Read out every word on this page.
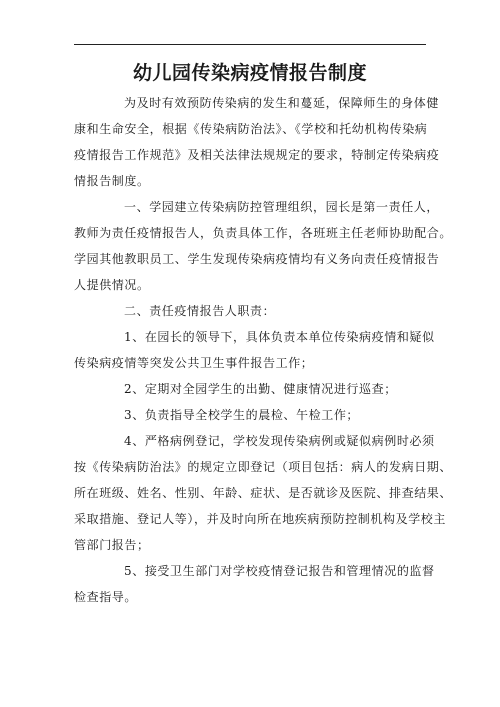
幼儿园传染病疫情报告制度
为及时有效预防传染病的发生和蔓延，保障师生的身体健
康和生命安全，根据《传染病防治法》、《学校和托幼机构传染病
疫情报告工作规范》及相关法律法规规定的要求，特制定传染病疫
情报告制度。
一、学园建立传染病防控管理组织，园长是第一责任人，
教师为责任疫情报告人，负责具体工作，各班班主任老师协助配合。
学园其他教职员工、学生发现传染病疫情均有义务向责任疫情报告
人提供情况。
二、责任疫情报告人职责：
1、在园长的领导下，具体负责本单位传染病疫情和疑似
传染病疫情等突发公共卫生事件报告工作；
2、定期对全园学生的出勤、健康情况进行巡查；
3、负责指导全校学生的晨检、午检工作；
4、严格病例登记，学校发现传染病例或疑似病例时必须
按《传染病防治法》的规定立即登记（项目包括：病人的发病日期、
所在班级、姓名、性别、年龄、症状、是否就诊及医院、排查结果、
采取措施、登记人等），并及时向所在地疾病预防控制机构及学校主
管部门报告；
5、接受卫生部门对学校疫情登记报告和管理情况的监督
检查指导。
